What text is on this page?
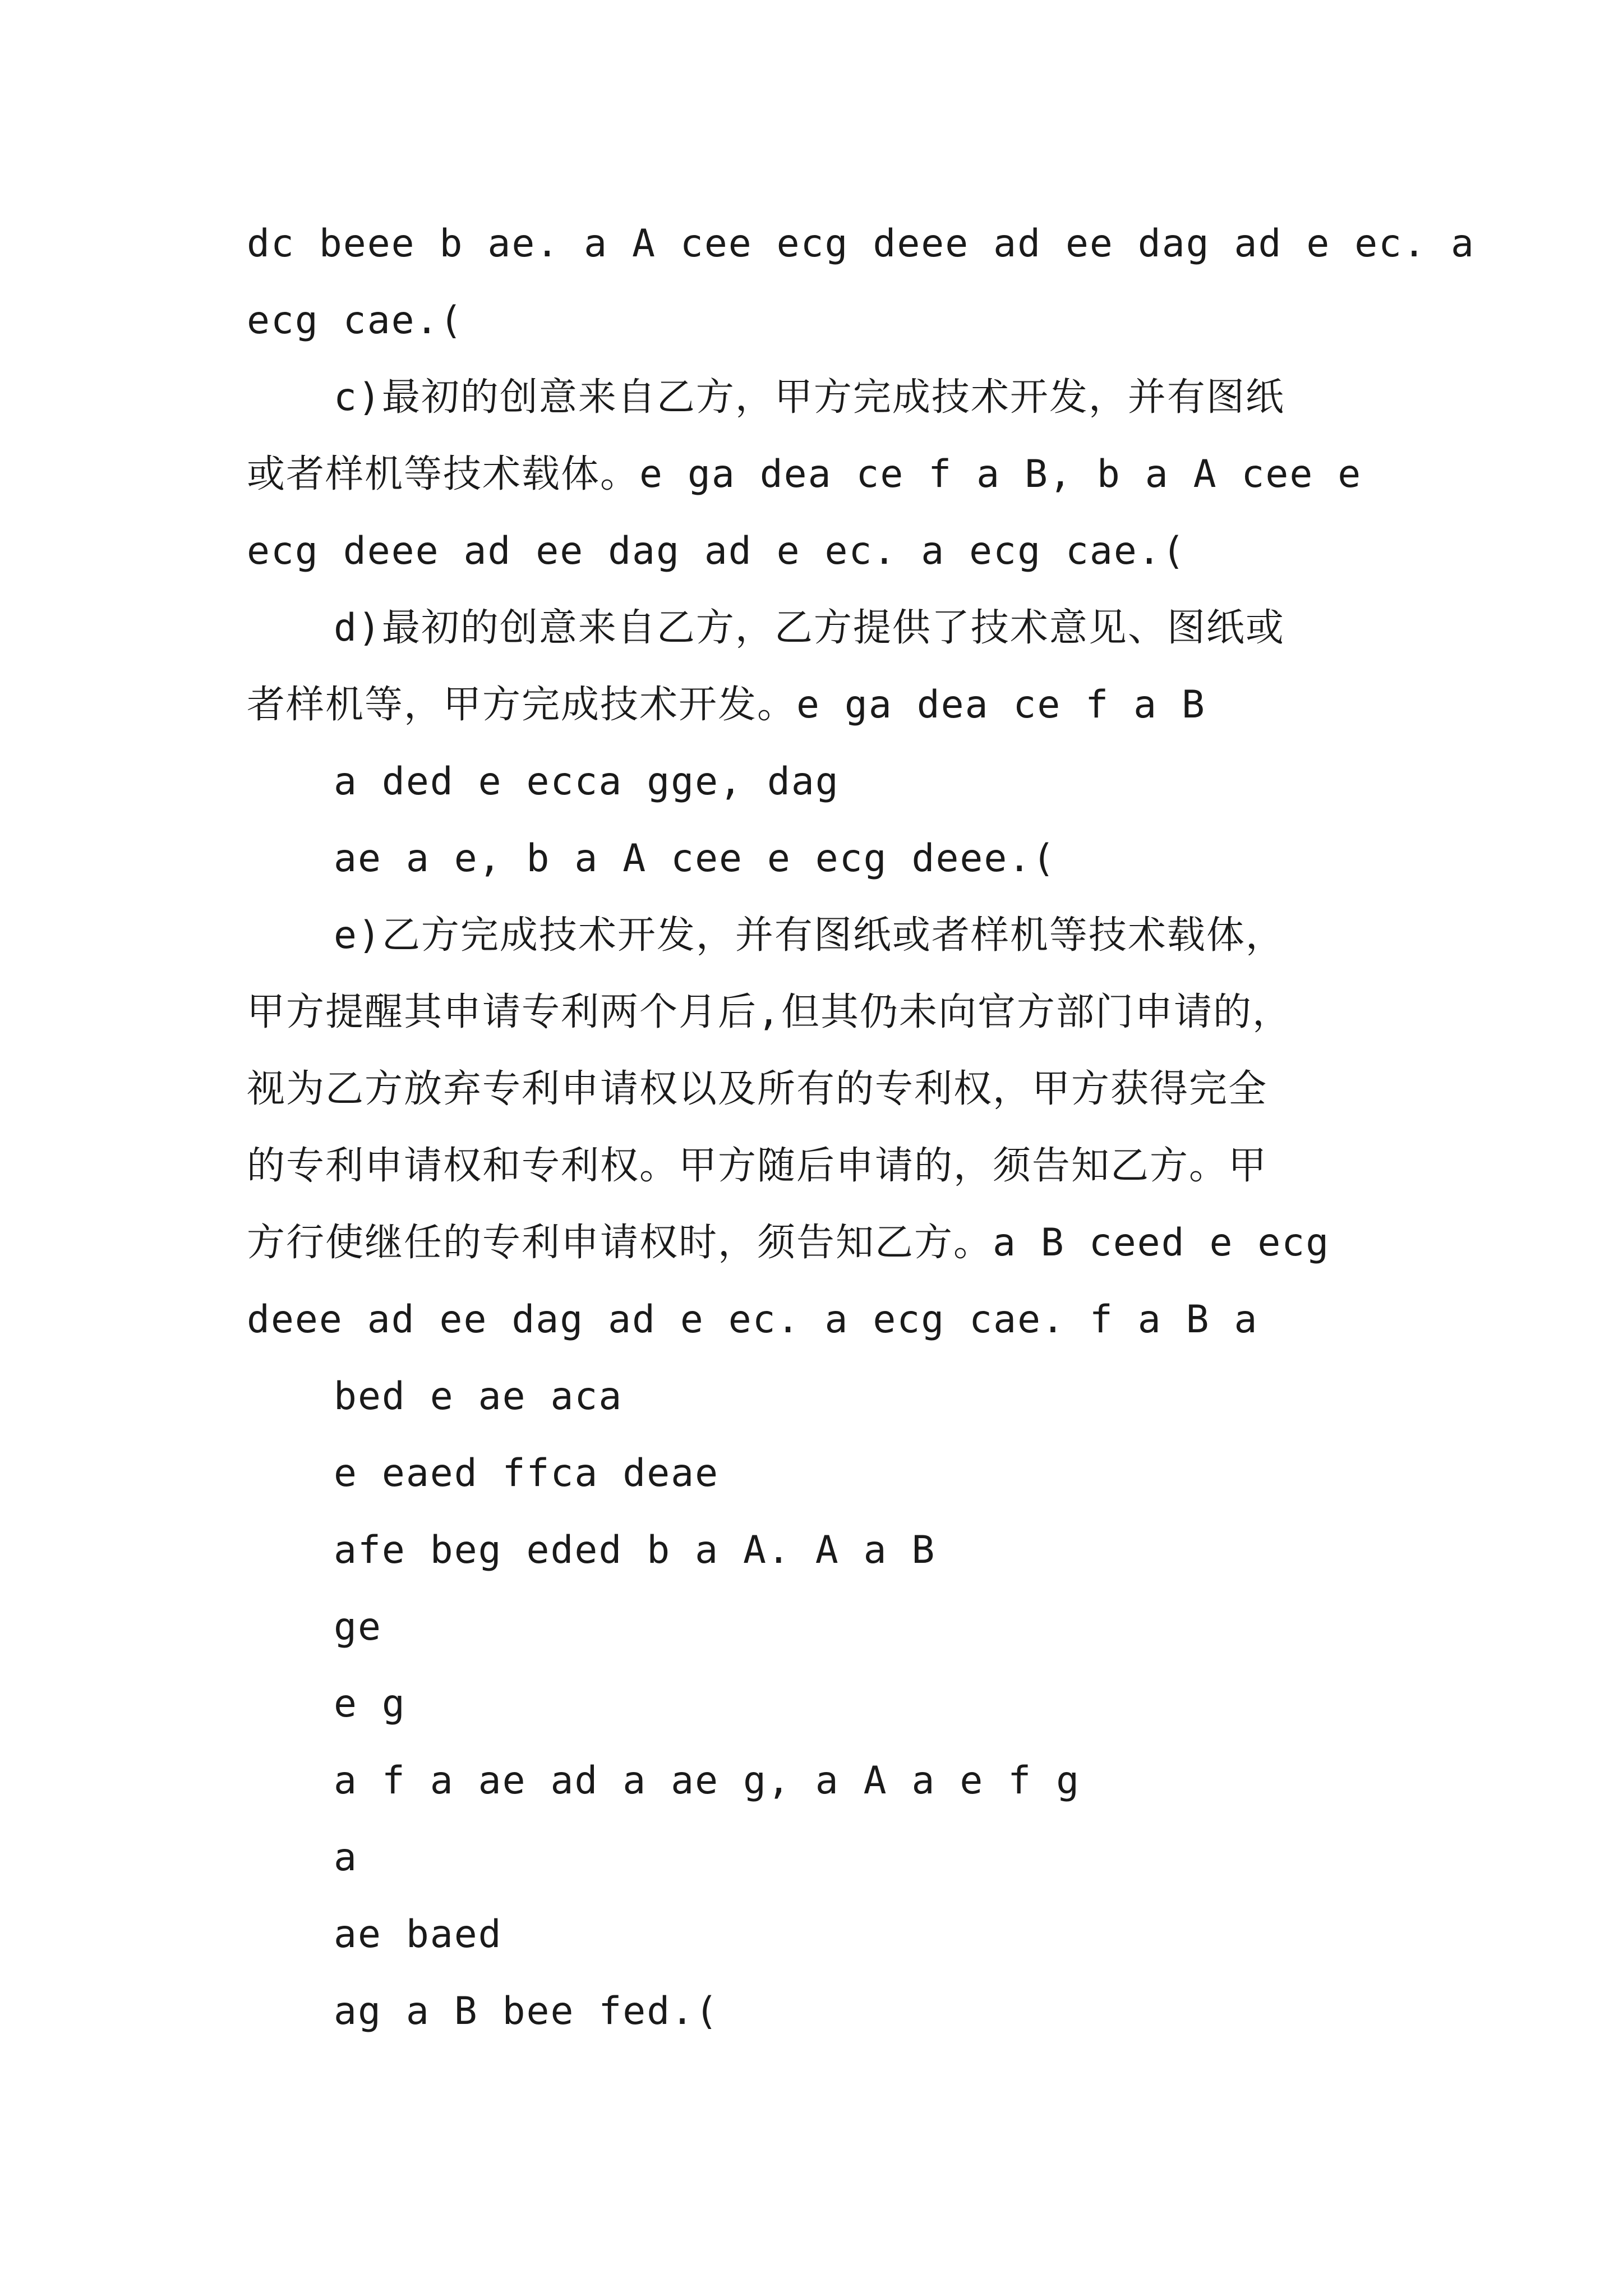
dc beee b ae. a A cee ecg deee ad ee dag ad e ec. a
ecg cae.(
c)最初的创意来自乙方，甲方完成技术开发，并有图纸
或者样机等技术载体。e ga dea ce f a B, b a A cee e
ecg deee ad ee dag ad e ec. a ecg cae.(
d)最初的创意来自乙方，乙方提供了技术意见、图纸或
者样机等，甲方完成技术开发。e ga dea ce f a B
a ded e ecca gge, dag
ae a e, b a A cee e ecg deee.(
e)乙方完成技术开发，并有图纸或者样机等技术载体，
甲方提醒其申请专利两个月后,但其仍未向官方部门申请的，
视为乙方放弃专利申请权以及所有的专利权，甲方获得完全
的专利申请权和专利权。甲方随后申请的，须告知乙方。甲
方行使继任的专利申请权时，须告知乙方。a B ceed e ecg
deee ad ee dag ad e ec. a ecg cae. f a B a
bed e ae aca
e eaed ffca deae
afe beg eded b a A. A a B
ge
e g
a f a ae ad a ae g, a A a e f g
a
ae baed
ag a B bee fed.(
